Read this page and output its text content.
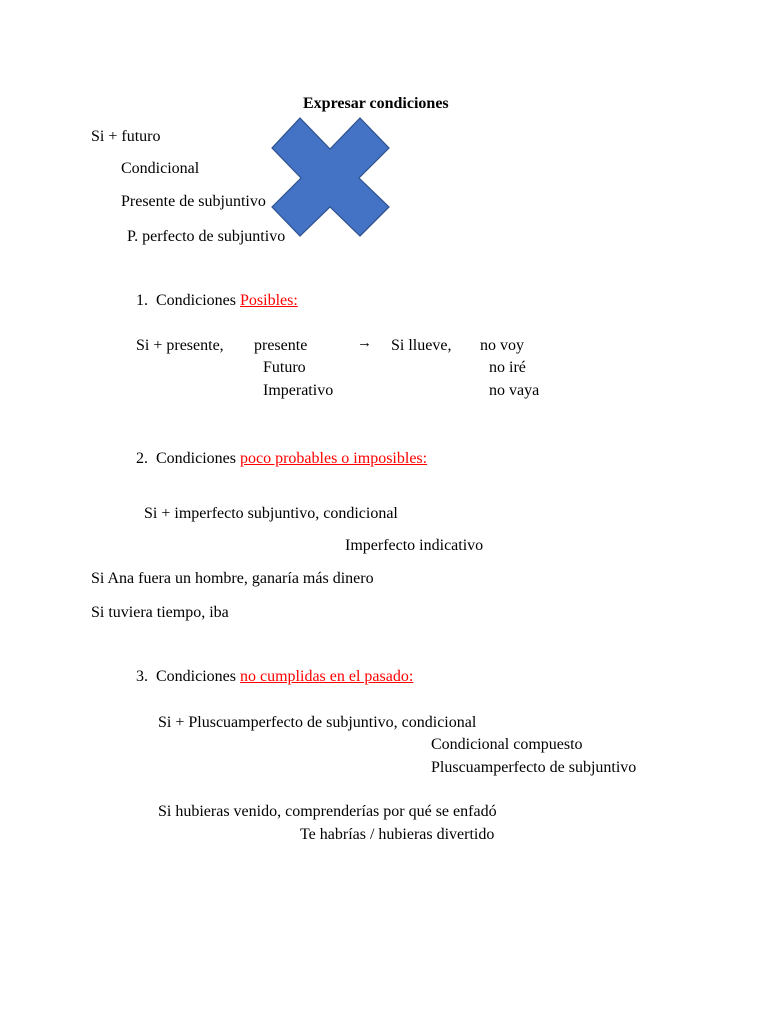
Expresar condiciones
Si + futuro
Condicional
Presente de subjuntivo
P. perfecto de subjuntivo
1. Condiciones Posibles:
Si + presente, presente
Futuro
Imperativo
→ Si llueve, no voy
no iré
no vaya
2. Condiciones poco probables o imposibles:
Si + imperfecto subjuntivo, condicional
Imperfecto indicativo
Si Ana fuera un hombre, ganaría más dinero
Si tuviera tiempo, iba
3. Condiciones no cumplidas en el pasado:
Si + Pluscuamperfecto de subjuntivo, condicional
Condicional compuesto
Pluscuamperfecto de subjuntivo
Si hubieras venido, comprenderías por qué se enfadó
Te habrías / hubieras divertido
